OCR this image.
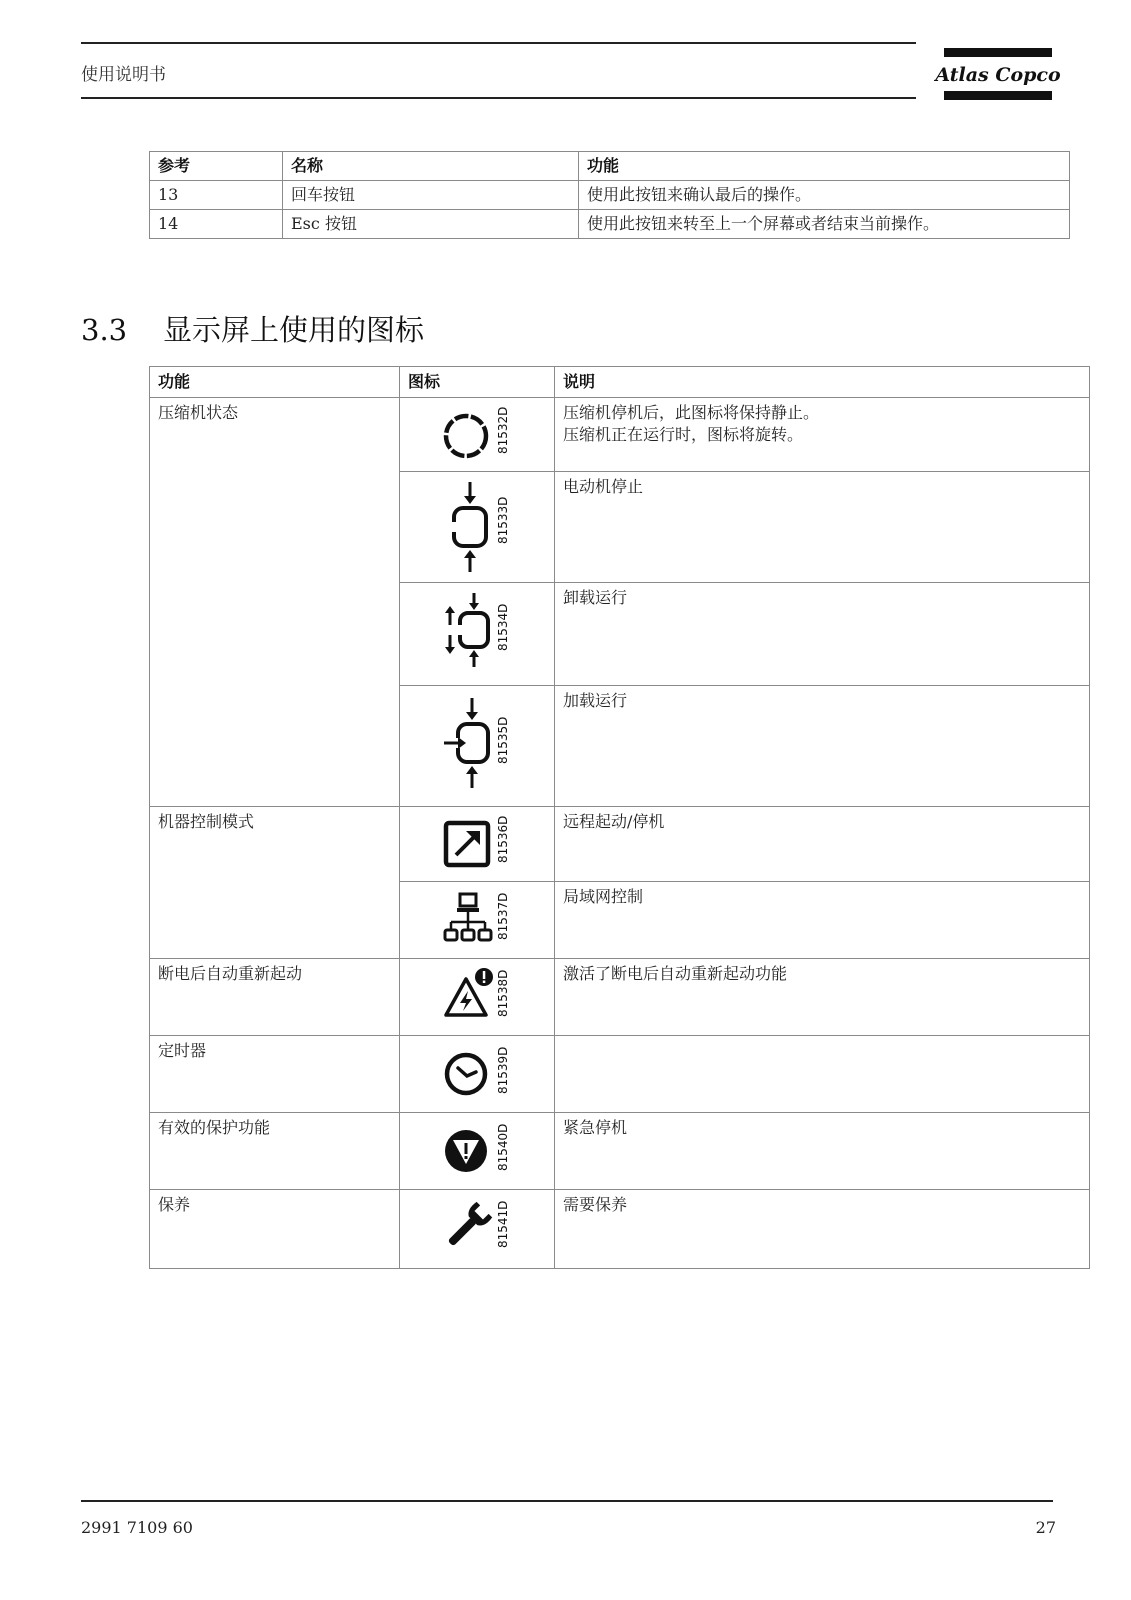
使用说明书	Atlas Copco
参考	名称	功能
13	回车按钮	使用此按钮来确认最后的操作。
14	Esc 按钮	使用此按钮来转至上一个屏幕或者结束当前操作。
3.3 显示屏上使用的图标
功能	图标	说明
压缩机状态	81532D	压缩机停机后，此图标将保持静止。
压缩机正在运行时，图标将旋转。

	81533D	电动机停止

	81534D	卸载运行

	81535D	加载运行

机器控制模式	81536D	远程起动/停机

	81537D	局域网控制

断电后自动重新起动	81538D	激活了断电后自动重新起动功能

定时器	81539D	

有效的保护功能	81540D	紧急停机

保养	81541D	需要保养
2991 7109 60	27
